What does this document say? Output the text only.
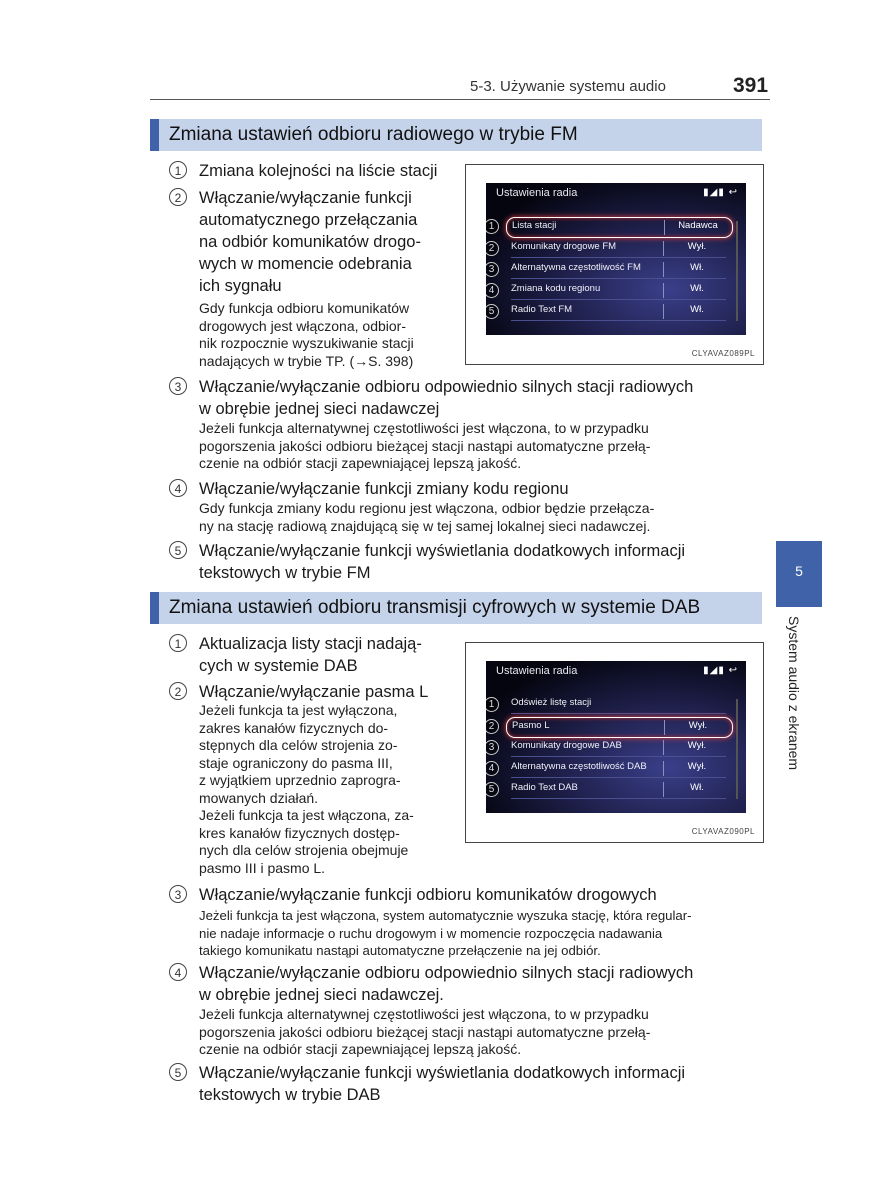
5-3. Używanie systemu audio	391
Zmiana ustawień odbioru radiowego w trybie FM
1	Zmiana kolejności na liście stacji
2	Włączanie/wyłączanie funkcji
automatycznego przełączania
na odbiór komunikatów drogo-
wych w momencie odebrania
ich sygnału
Gdy funkcja odbioru komunikatów
drogowych jest włączona, odbior-
nik rozpocznie wyszukiwanie stacji
nadających w trybie TP. (→S. 398)
Ustawienia radia	▮◢▮ ↩
Lista stacji	Nadawca
Komunikaty drogowe FM	Wył.
Alternatywna częstotliwość FM	Wł.
Zmiana kodu regionu	Wł.
Radio Text FM	Wł.
1
2
3
4
5
CLYAVAZ089PL
3	Włączanie/wyłączanie odbioru odpowiednio silnych stacji radiowych
w obrębie jednej sieci nadawczej
Jeżeli funkcja alternatywnej częstotliwości jest włączona, to w przypadku
pogorszenia jakości odbioru bieżącej stacji nastąpi automatyczne przełą-
czenie na odbiór stacji zapewniającej lepszą jakość.
4	Włączanie/wyłączanie funkcji zmiany kodu regionu
Gdy funkcja zmiany kodu regionu jest włączona, odbior będzie przełącza-
ny na stację radiową znajdującą się w tej samej lokalnej sieci nadawczej.
5	Włączanie/wyłączanie funkcji wyświetlania dodatkowych informacji
tekstowych w trybie FM
Zmiana ustawień odbioru transmisji cyfrowych w systemie DAB
1	Aktualizacja listy stacji nadają-
cych w systemie DAB
2	Włączanie/wyłączanie pasma L
Jeżeli funkcja ta jest wyłączona,
zakres kanałów fizycznych do-
stępnych dla celów strojenia zo-
staje ograniczony do pasma III,
z wyjątkiem uprzednio zaprogra-
mowanych działań.
Jeżeli funkcja ta jest włączona, za-
kres kanałów fizycznych dostęp-
nych dla celów strojenia obejmuje
pasmo III i pasmo L.
Ustawienia radia	▮◢▮ ↩
Odśwież listę stacji
Pasmo L	Wył.
Komunikaty drogowe DAB	Wył.
Alternatywna częstotliwość DAB	Wył.
Radio Text DAB	Wł.
1
2
3
4
5
CLYAVAZ090PL
3	Włączanie/wyłączanie funkcji odbioru komunikatów drogowych
Jeżeli funkcja ta jest włączona, system automatycznie wyszuka stację, która regular-
nie nadaje informacje o ruchu drogowym i w momencie rozpoczęcia nadawania
takiego komunikatu nastąpi automatyczne przełączenie na jej odbiór.
4	Włączanie/wyłączanie odbioru odpowiednio silnych stacji radiowych
w obrębie jednej sieci nadawczej.
Jeżeli funkcja alternatywnej częstotliwości jest włączona, to w przypadku
pogorszenia jakości odbioru bieżącej stacji nastąpi automatyczne przełą-
czenie na odbiór stacji zapewniającej lepszą jakość.
5	Włączanie/wyłączanie funkcji wyświetlania dodatkowych informacji
tekstowych w trybie DAB
5
System audio z ekranem
